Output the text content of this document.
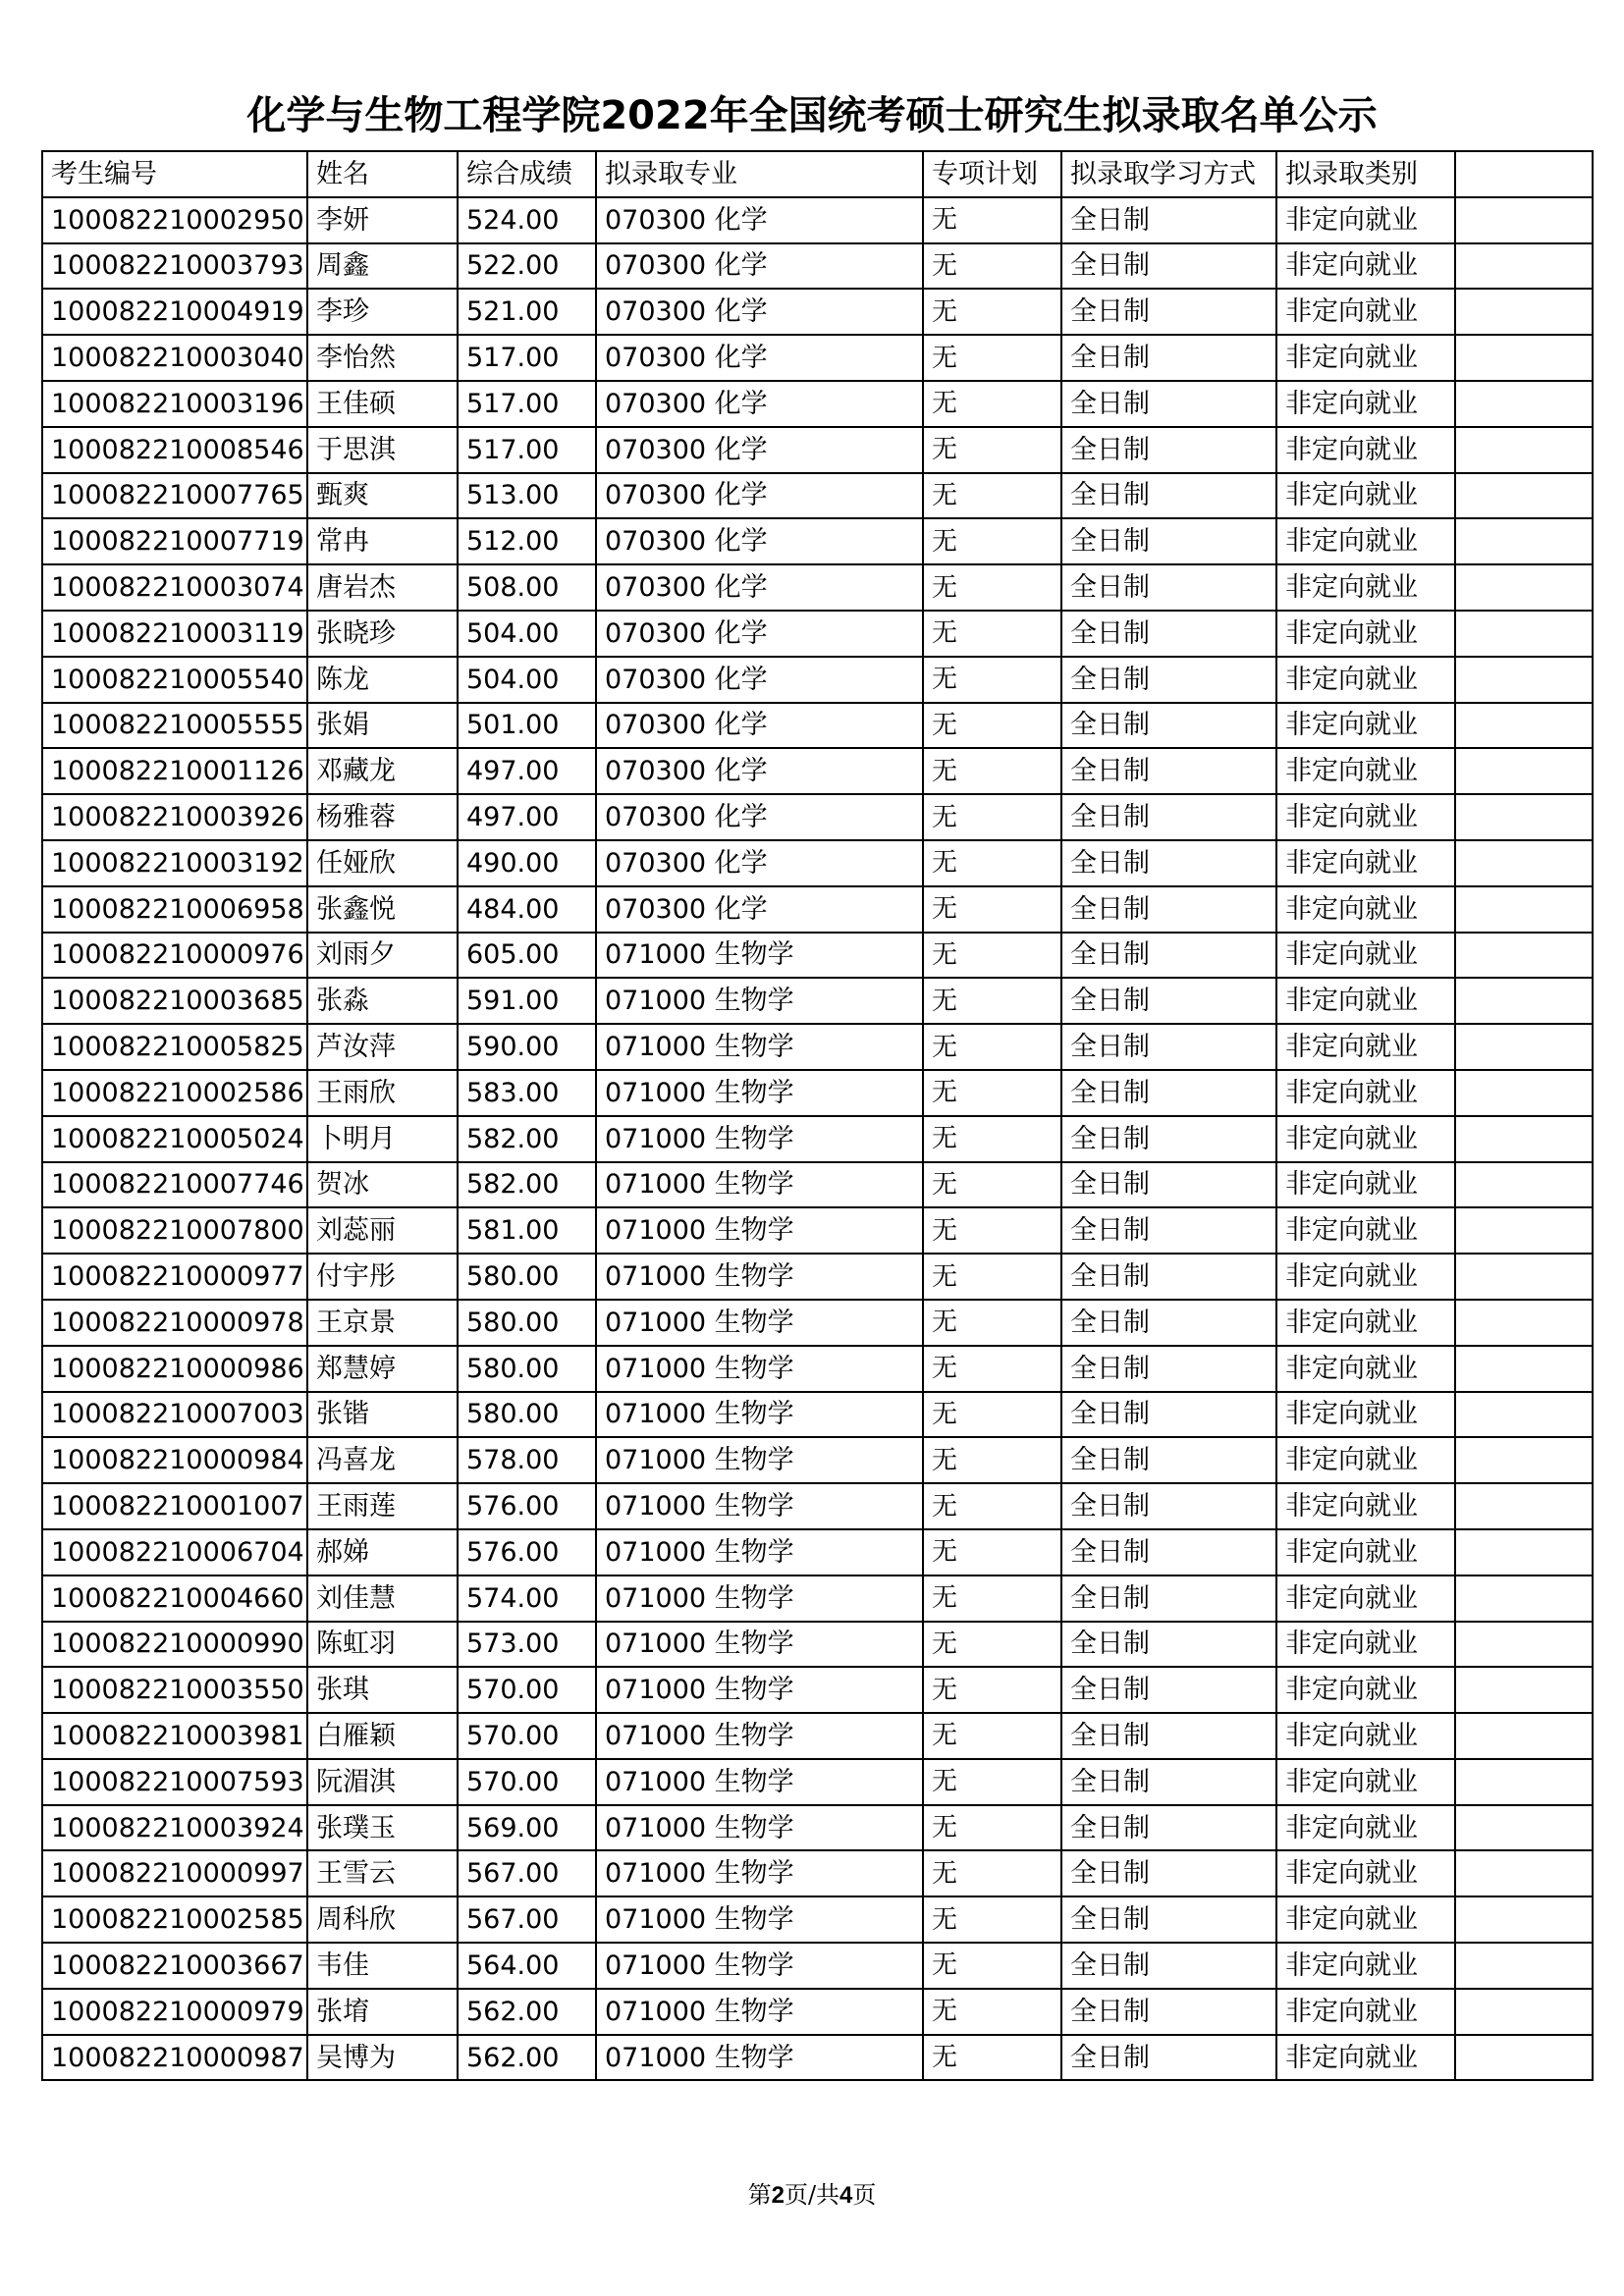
化学与生物工程学院2022年全国统考硕士研究生拟录取名单公示
考生编号	姓名	综合成绩	拟录取专业	专项计划	拟录取学习方式	拟录取类别	
100082210002950	李妍	524.00	070300 化学	无	全日制	非定向就业	
100082210003793	周鑫	522.00	070300 化学	无	全日制	非定向就业	
100082210004919	李珍	521.00	070300 化学	无	全日制	非定向就业	
100082210003040	李怡然	517.00	070300 化学	无	全日制	非定向就业	
100082210003196	王佳硕	517.00	070300 化学	无	全日制	非定向就业	
100082210008546	于思淇	517.00	070300 化学	无	全日制	非定向就业	
100082210007765	甄爽	513.00	070300 化学	无	全日制	非定向就业	
100082210007719	常冉	512.00	070300 化学	无	全日制	非定向就业	
100082210003074	唐岩杰	508.00	070300 化学	无	全日制	非定向就业	
100082210003119	张晓珍	504.00	070300 化学	无	全日制	非定向就业	
100082210005540	陈龙	504.00	070300 化学	无	全日制	非定向就业	
100082210005555	张娟	501.00	070300 化学	无	全日制	非定向就业	
100082210001126	邓藏龙	497.00	070300 化学	无	全日制	非定向就业	
100082210003926	杨雅蓉	497.00	070300 化学	无	全日制	非定向就业	
100082210003192	任娅欣	490.00	070300 化学	无	全日制	非定向就业	
100082210006958	张鑫悦	484.00	070300 化学	无	全日制	非定向就业	
100082210000976	刘雨夕	605.00	071000 生物学	无	全日制	非定向就业	
100082210003685	张淼	591.00	071000 生物学	无	全日制	非定向就业	
100082210005825	芦汝萍	590.00	071000 生物学	无	全日制	非定向就业	
100082210002586	王雨欣	583.00	071000 生物学	无	全日制	非定向就业	
100082210005024	卜明月	582.00	071000 生物学	无	全日制	非定向就业	
100082210007746	贺冰	582.00	071000 生物学	无	全日制	非定向就业	
100082210007800	刘蕊丽	581.00	071000 生物学	无	全日制	非定向就业	
100082210000977	付宇彤	580.00	071000 生物学	无	全日制	非定向就业	
100082210000978	王京景	580.00	071000 生物学	无	全日制	非定向就业	
100082210000986	郑慧婷	580.00	071000 生物学	无	全日制	非定向就业	
100082210007003	张锴	580.00	071000 生物学	无	全日制	非定向就业	
100082210000984	冯喜龙	578.00	071000 生物学	无	全日制	非定向就业	
100082210001007	王雨莲	576.00	071000 生物学	无	全日制	非定向就业	
100082210006704	郝娣	576.00	071000 生物学	无	全日制	非定向就业	
100082210004660	刘佳慧	574.00	071000 生物学	无	全日制	非定向就业	
100082210000990	陈虹羽	573.00	071000 生物学	无	全日制	非定向就业	
100082210003550	张琪	570.00	071000 生物学	无	全日制	非定向就业	
100082210003981	白雁颖	570.00	071000 生物学	无	全日制	非定向就业	
100082210007593	阮湄淇	570.00	071000 生物学	无	全日制	非定向就业	
100082210003924	张璞玉	569.00	071000 生物学	无	全日制	非定向就业	
100082210000997	王雪云	567.00	071000 生物学	无	全日制	非定向就业	
100082210002585	周科欣	567.00	071000 生物学	无	全日制	非定向就业	
100082210003667	韦佳	564.00	071000 生物学	无	全日制	非定向就业	
100082210000979	张堉	562.00	071000 生物学	无	全日制	非定向就业	
100082210000987	吴博为	562.00	071000 生物学	无	全日制	非定向就业	
第2页/共4页
